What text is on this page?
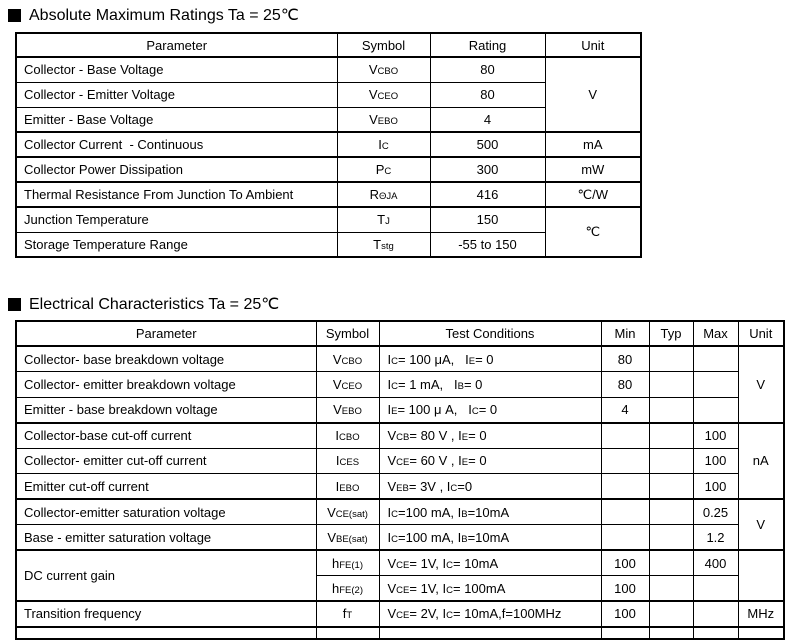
Absolute Maximum Ratings Ta = 25℃
Parameter	Symbol	Rating	Unit
Collector - Base Voltage	VCBO	80	V
Collector - Emitter Voltage	VCEO	80	
Emitter - Base Voltage	VEBO	4	
Collector Current  - Continuous	IC	500	mA
Collector Power Dissipation	PC	300	mW
Thermal Resistance From Junction To Ambient	RΘJA	416	℃/W
Junction Temperature	TJ	150	℃
Storage Temperature Range	Tstg	-55 to 150	
Electrical Characteristics Ta = 25℃
Parameter	Symbol	Test Conditions	Min	Typ	Max	Unit
Collector- base breakdown voltage	VCBO	IC= 100 μA,   IE= 0	80			V
Collector- emitter breakdown voltage	VCEO	IC= 1 mA,   IB= 0	80			
Emitter - base breakdown voltage	VEBO	IE= 100 μ A,   IC= 0	4			
Collector-base cut-off current	ICBO	VCB= 80 V , IE= 0			100	nA
Collector- emitter cut-off current	ICES	VCE= 60 V , IE= 0			100	
Emitter cut-off current	IEBO	VEB= 3V , IC=0			100	
Collector-emitter saturation voltage	VCE(sat)	IC=100 mA, IB=10mA			0.25	V
Base - emitter saturation voltage	VBE(sat)	IC=100 mA, IB=10mA			1.2	
DC current gain	hFE(1)	VCE= 1V, IC= 10mA	100		400	
	hFE(2)	VCE= 1V, IC= 100mA	100			
Transition frequency	fT	VCE= 2V, IC= 10mA,f=100MHz	100			MHz
